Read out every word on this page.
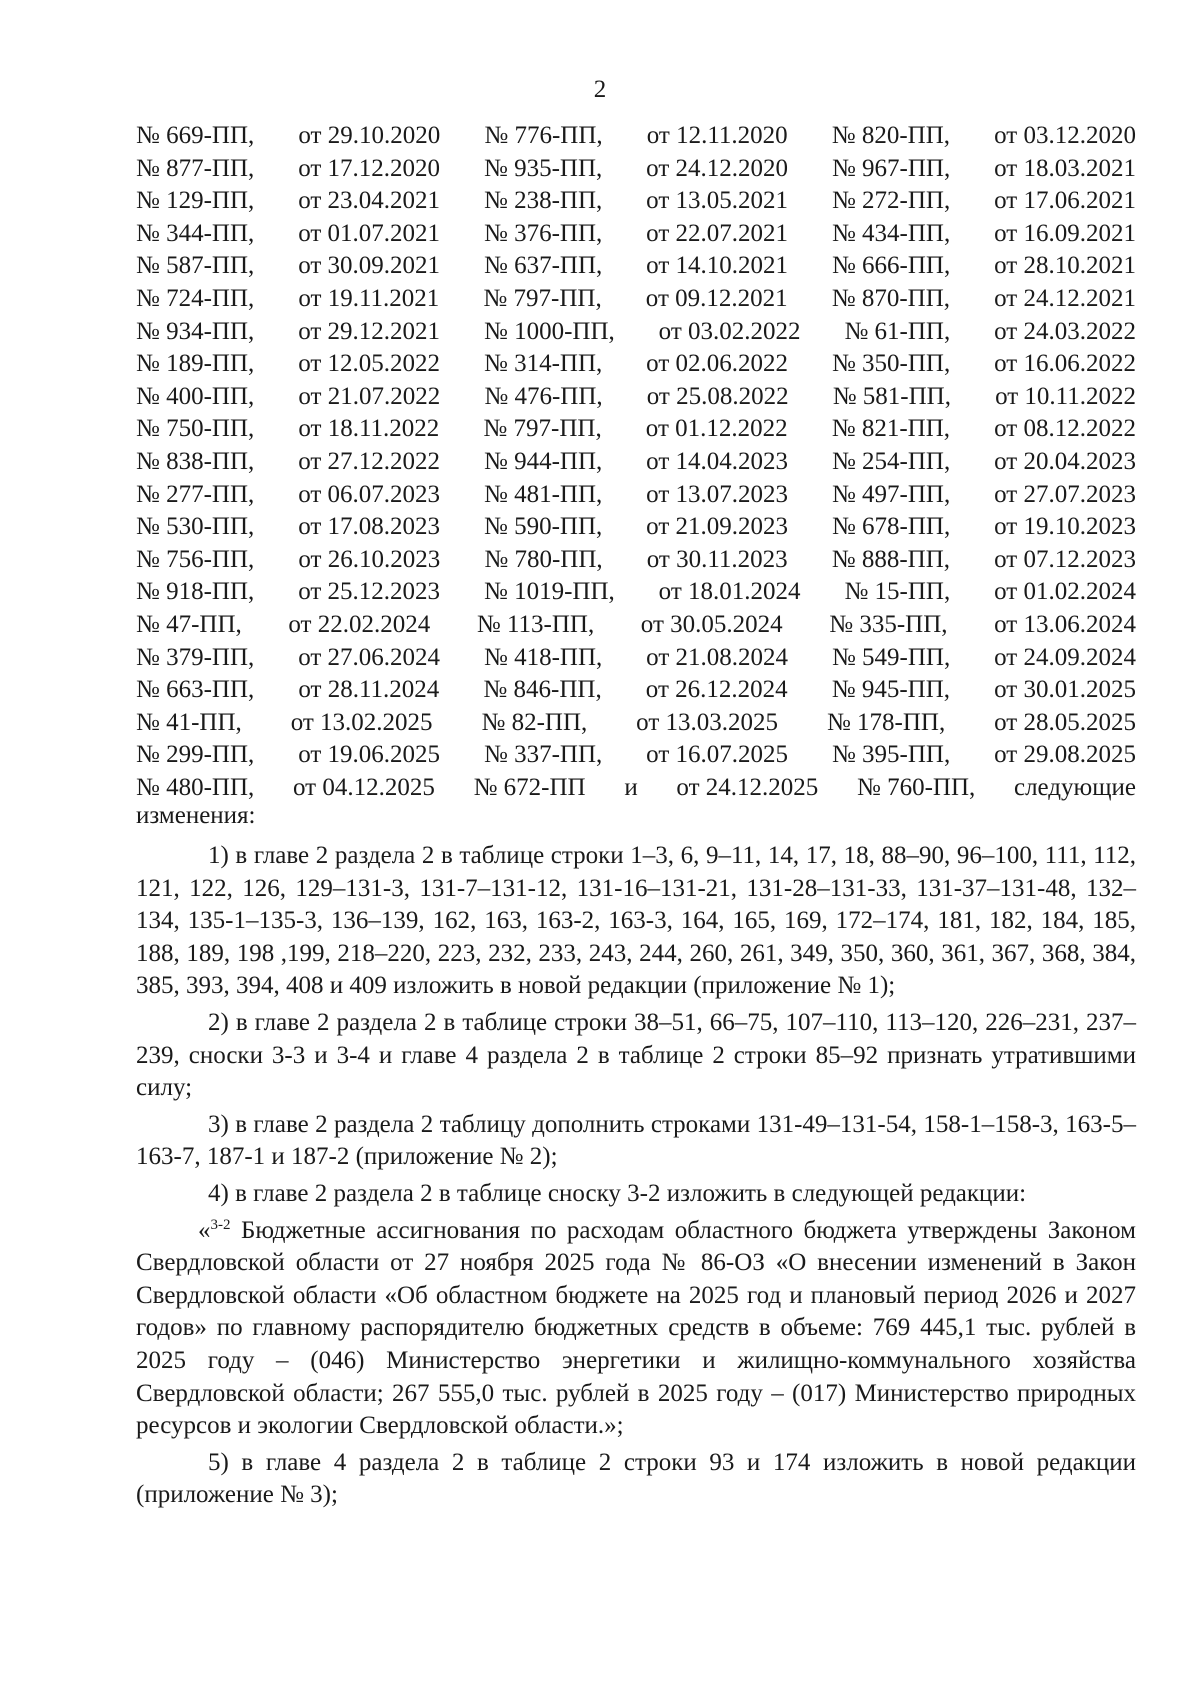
2
№ 669-ПП, от 29.10.2020 № 776-ПП, от 12.11.2020 № 820-ПП, от 03.12.2020
№ 877-ПП, от 17.12.2020 № 935-ПП, от 24.12.2020 № 967-ПП, от 18.03.2021
№ 129-ПП, от 23.04.2021 № 238-ПП, от 13.05.2021 № 272-ПП, от 17.06.2021
№ 344-ПП, от 01.07.2021 № 376-ПП, от 22.07.2021 № 434-ПП, от 16.09.2021
№ 587-ПП, от 30.09.2021 № 637-ПП, от 14.10.2021 № 666-ПП, от 28.10.2021
№ 724-ПП, от 19.11.2021 № 797-ПП, от 09.12.2021 № 870-ПП, от 24.12.2021
№ 934-ПП, от 29.12.2021 № 1000-ПП, от 03.02.2022 № 61-ПП, от 24.03.2022
№ 189-ПП, от 12.05.2022 № 314-ПП, от 02.06.2022 № 350-ПП, от 16.06.2022
№ 400-ПП, от 21.07.2022 № 476-ПП, от 25.08.2022 № 581-ПП, от 10.11.2022
№ 750-ПП, от 18.11.2022 № 797-ПП, от 01.12.2022 № 821-ПП, от 08.12.2022
№ 838-ПП, от 27.12.2022 № 944-ПП, от 14.04.2023 № 254-ПП, от 20.04.2023
№ 277-ПП, от 06.07.2023 № 481-ПП, от 13.07.2023 № 497-ПП, от 27.07.2023
№ 530-ПП, от 17.08.2023 № 590-ПП, от 21.09.2023 № 678-ПП, от 19.10.2023
№ 756-ПП, от 26.10.2023 № 780-ПП, от 30.11.2023 № 888-ПП, от 07.12.2023
№ 918-ПП, от 25.12.2023 № 1019-ПП, от 18.01.2024 № 15-ПП, от 01.02.2024
№ 47-ПП, от 22.02.2024 № 113-ПП, от 30.05.2024 № 335-ПП, от 13.06.2024
№ 379-ПП, от 27.06.2024 № 418-ПП, от 21.08.2024 № 549-ПП, от 24.09.2024
№ 663-ПП, от 28.11.2024 № 846-ПП, от 26.12.2024 № 945-ПП, от 30.01.2025
№ 41-ПП, от 13.02.2025 № 82-ПП, от 13.03.2025 № 178-ПП, от 28.05.2025
№ 299-ПП, от 19.06.2025 № 337-ПП, от 16.07.2025 № 395-ПП, от 29.08.2025
№ 480-ПП, от 04.12.2025 № 672-ПП и от 24.12.2025 № 760-ПП, следующие
изменения:

1) в главе 2 раздела 2 в таблице строки 1–3, 6, 9–11, 14, 17, 18, 88–90, 96–100, 111, 112, 121, 122, 126, 129–131-3, 131-7–131-12, 131-16–131-21, 131-28–131-33, 131-37–131-48, 132–134, 135-1–135-3, 136–139, 162, 163, 163-2, 163-3, 164, 165, 169, 172–174, 181, 182, 184, 185, 188, 189, 198 ,199, 218–220, 223, 232, 233, 243, 244, 260, 261, 349, 350, 360, 361, 367, 368, 384, 385, 393, 394, 408 и 409 изложить в новой редакции (приложение № 1);

2) в главе 2 раздела 2 в таблице строки 38–51, 66–75, 107–110, 113–120, 226–231, 237–239, сноски 3-3 и 3-4 и главе 4 раздела 2 в таблице 2 строки 85–92 признать утратившими силу;

3) в главе 2 раздела 2 таблицу дополнить строками 131-49–131-54, 158-1–158-3, 163-5–163-7, 187-1 и 187-2 (приложение № 2);

4) в главе 2 раздела 2 в таблице сноску 3-2 изложить в следующей редакции:

«$^{3-2}$ Бюджетные ассигнования по расходам областного бюджета утверждены Законом Свердловской области от 27 ноября 2025 года № 86-ОЗ «О внесении изменений в Закон Свердловской области «Об областном бюджете на 2025 год и плановый период 2026 и 2027 годов» по главному распорядителю бюджетных средств в объеме: 769 445,1 тыс. рублей в 2025 году – (046) Министерство энергетики и жилищно-коммунального хозяйства Свердловской области; 267 555,0 тыс. рублей в 2025 году – (017) Министерство природных ресурсов и экологии Свердловской области.»;

5) в главе 4 раздела 2 в таблице 2 строки 93 и 174 изложить в новой редакции (приложение № 3);
